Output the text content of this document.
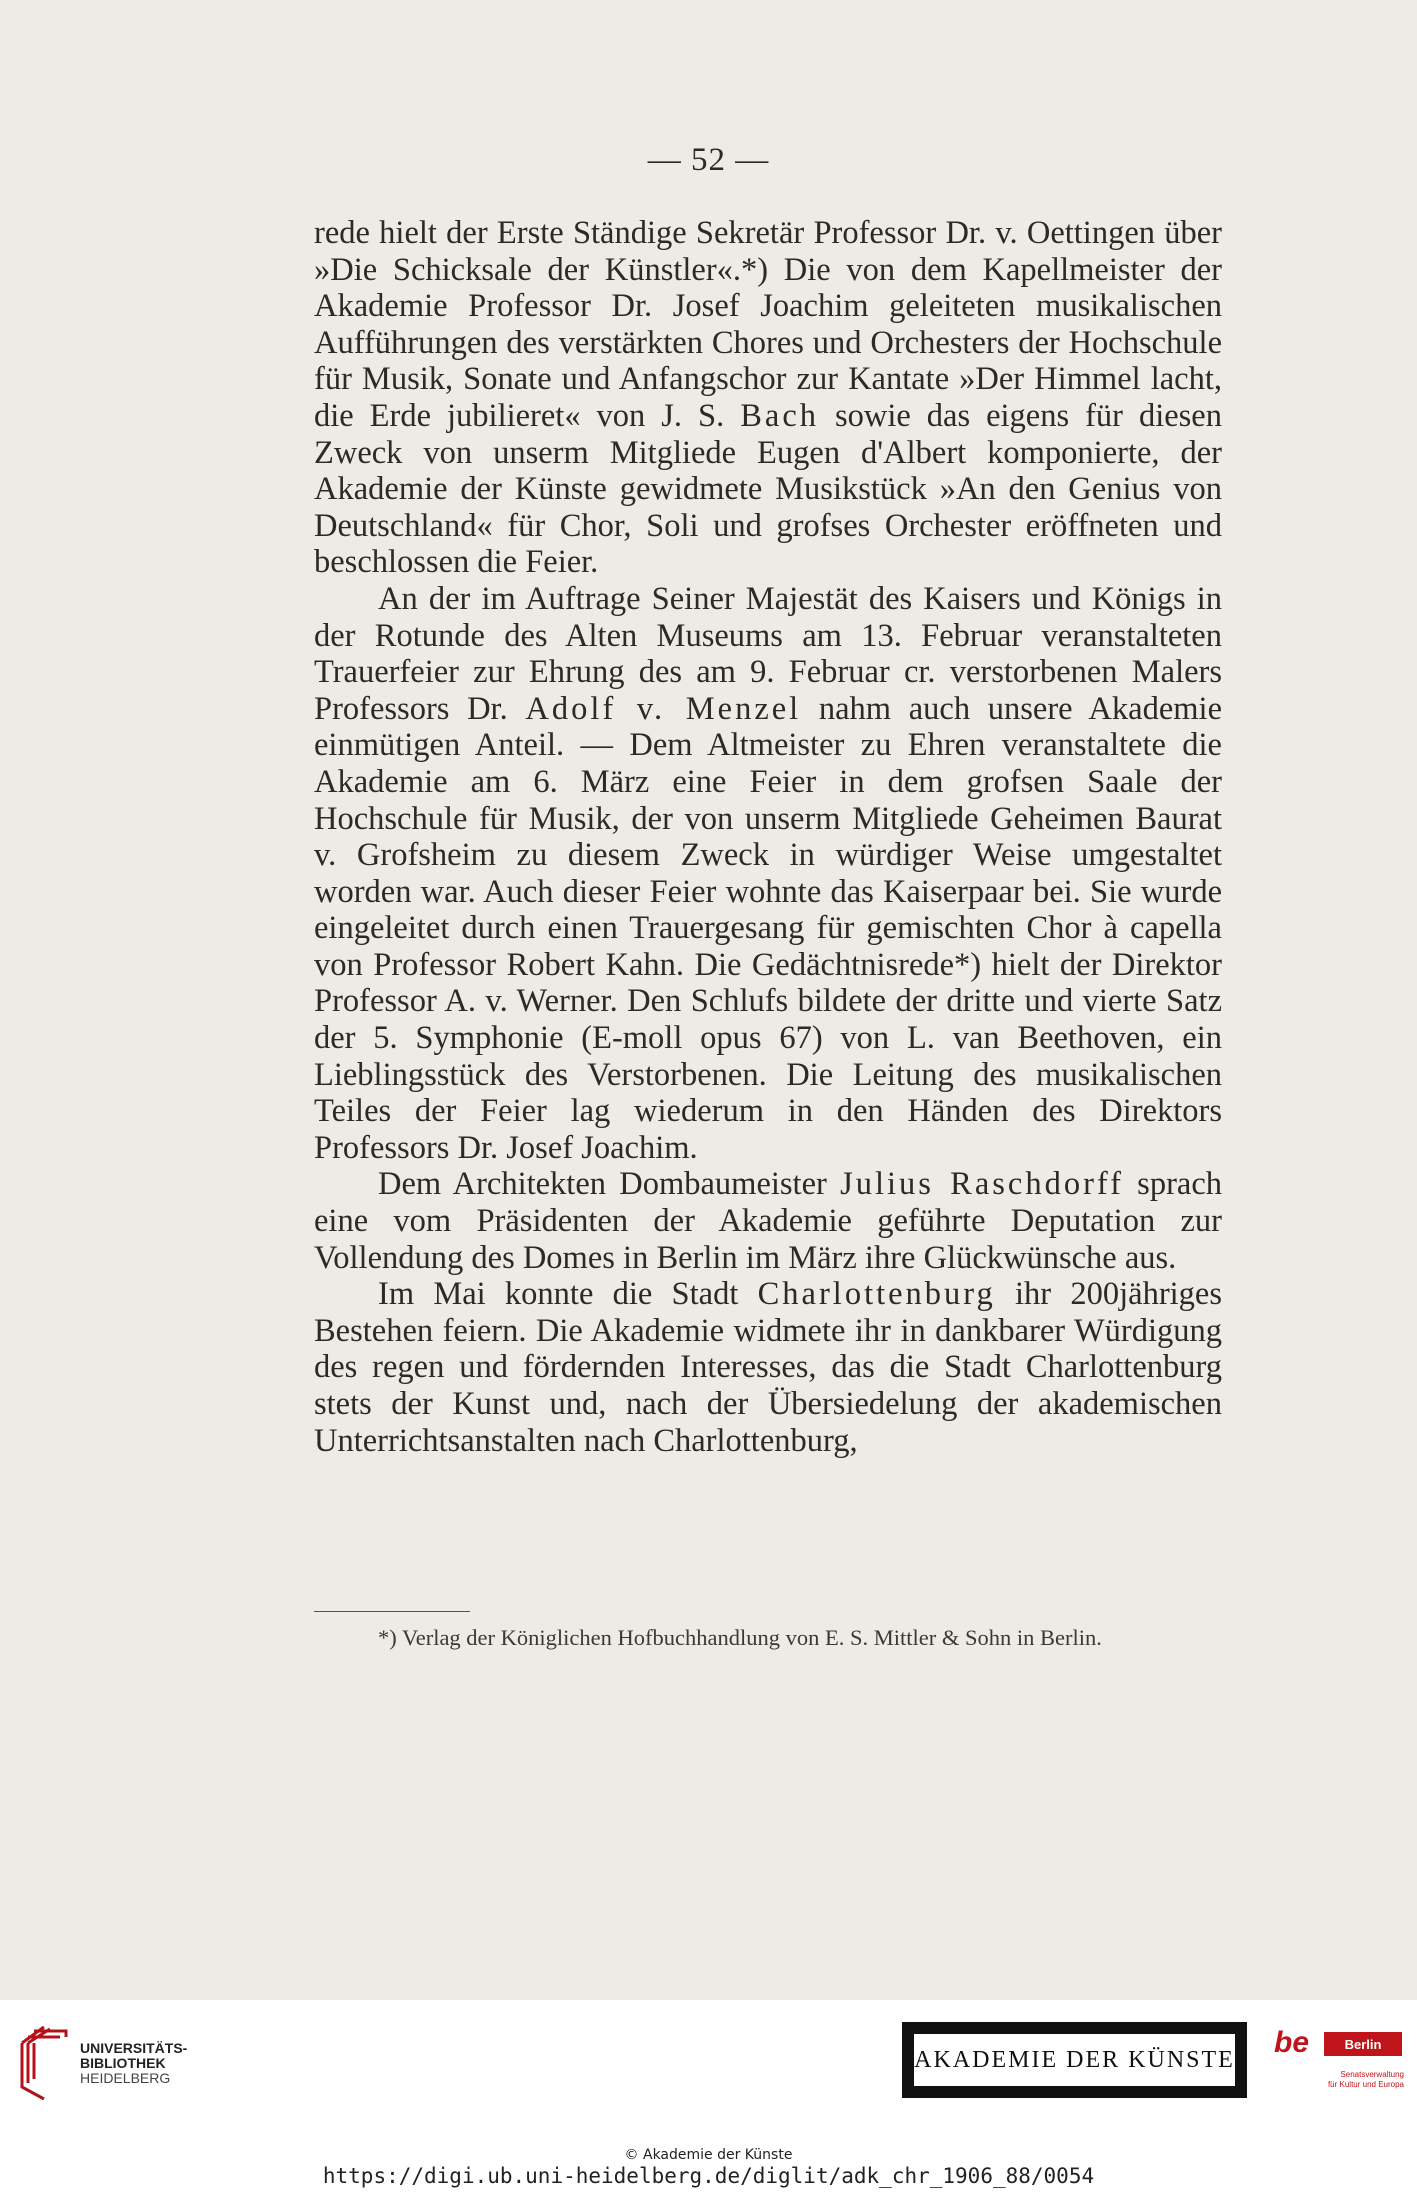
— 52 —

rede hielt der Erste Ständige Sekretär Professor Dr. v. Oettingen über »Die Schicksale der Künstler«.*) Die von dem Kapellmeister der Akademie Professor Dr. Josef Joachim geleiteten musikalischen Aufführungen des verstärkten Chores und Orchesters der Hochschule für Musik, Sonate und Anfangschor zur Kantate »Der Himmel lacht, die Erde jubilieret« von J. S. Bach sowie das eigens für diesen Zweck von unserm Mitgliede Eugen d'Albert komponierte, der Akademie der Künste gewidmete Musikstück »An den Genius von Deutschland« für Chor, Soli und grofses Orchester eröffneten und beschlossen die Feier.

An der im Auftrage Seiner Majestät des Kaisers und Königs in der Rotunde des Alten Museums am 13. Februar veranstalteten Trauerfeier zur Ehrung des am 9. Februar cr. verstorbenen Malers Professors Dr. Adolf v. Menzel nahm auch unsere Akademie einmütigen Anteil. — Dem Altmeister zu Ehren veranstaltete die Akademie am 6. März eine Feier in dem grofsen Saale der Hochschule für Musik, der von unserm Mitgliede Geheimen Baurat v. Grofsheim zu diesem Zweck in würdiger Weise umgestaltet worden war. Auch dieser Feier wohnte das Kaiserpaar bei. Sie wurde eingeleitet durch einen Trauergesang für gemischten Chor à capella von Professor Robert Kahn. Die Gedächtnisrede*) hielt der Direktor Professor A. v. Werner. Den Schlufs bildete der dritte und vierte Satz der 5. Symphonie (E-moll opus 67) von L. van Beethoven, ein Lieblingsstück des Verstorbenen. Die Leitung des musikalischen Teiles der Feier lag wiederum in den Händen des Direktors Professors Dr. Josef Joachim.

Dem Architekten Dombaumeister Julius Raschdorff sprach eine vom Präsidenten der Akademie geführte Deputation zur Vollendung des Domes in Berlin im März ihre Glückwünsche aus.

Im Mai konnte die Stadt Charlottenburg ihr 200jähriges Bestehen feiern. Die Akademie widmete ihr in dankbarer Würdigung des regen und fördernden Interesses, das die Stadt Charlottenburg stets der Kunst und, nach der Übersiedelung der akademischen Unterrichtsanstalten nach Charlottenburg,

*) Verlag der Königlichen Hofbuchhandlung von E. S. Mittler & Sohn in Berlin.

UNIVERSITÄTS-
BIBLIOTHEK
HEIDELBERG
AKADEMIE DER KÜNSTE
be	Berlin
Senatsverwaltung
für Kultur und Europa
© Akademie der Künste
https://digi.ub.uni-heidelberg.de/diglit/adk_chr_1906_88/0054
